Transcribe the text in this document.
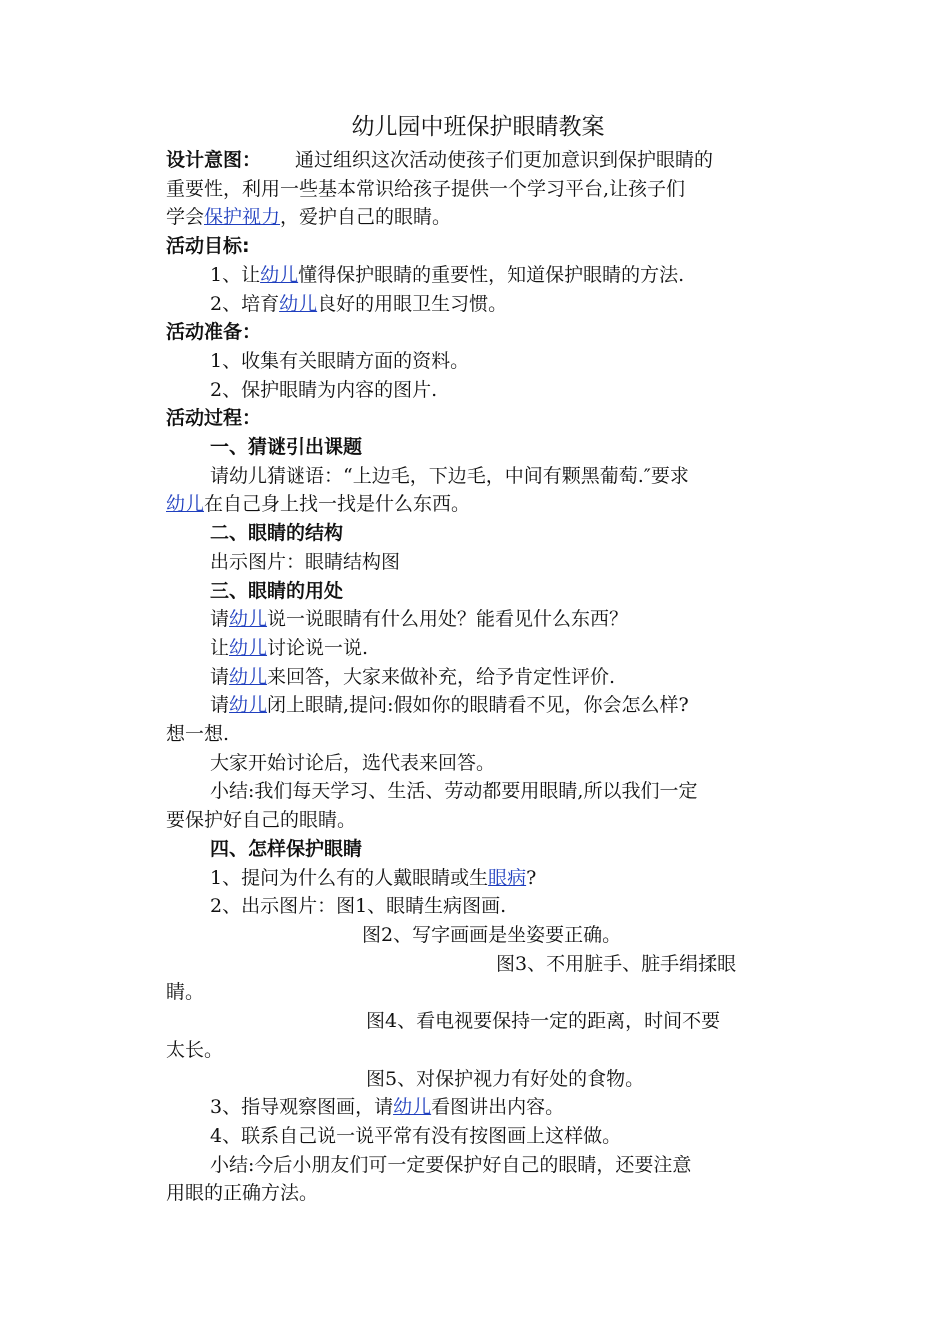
幼儿园中班保护眼睛教案
设计意图： 通过组织这次活动使孩子们更加意识到保护眼睛的
重要性，利用一些基本常识给孩子提供一个学习平台,让孩子们
学会保护视力，爱护自己的眼睛。
活动目标:
1、让幼儿懂得保护眼睛的重要性，知道保护眼睛的方法.
2、培育幼儿良好的用眼卫生习惯。
活动准备：
1、收集有关眼睛方面的资料。
2、保护眼睛为内容的图片.
活动过程：
一、猜谜引出课题
请幼儿猜谜语：“上边毛，下边毛，中间有颗黑葡萄.″要求
幼儿在自己身上找一找是什么东西。
二、眼睛的结构
出示图片：眼睛结构图
三、眼睛的用处
请幼儿说一说眼睛有什么用处？能看见什么东西？
让幼儿讨论说一说.
请幼儿来回答，大家来做补充，给予肯定性评价.
请幼儿闭上眼睛,提问:假如你的眼睛看不见，你会怎么样?
想一想.
大家开始讨论后，选代表来回答。
小结:我们每天学习、生活、劳动都要用眼睛,所以我们一定
要保护好自己的眼睛。
四、怎样保护眼睛
1、提问为什么有的人戴眼睛或生眼病?
2、出示图片：图1、眼睛生病图画.
图2、写字画画是坐姿要正确。
图3、不用脏手、脏手绢揉眼
睛。
图4、看电视要保持一定的距离，时间不要
太长。
图5、对保护视力有好处的食物。
3、指导观察图画，请幼儿看图讲出内容。
4、联系自己说一说平常有没有按图画上这样做。
小结:今后小朋友们可一定要保护好自己的眼睛，还要注意
用眼的正确方法。
